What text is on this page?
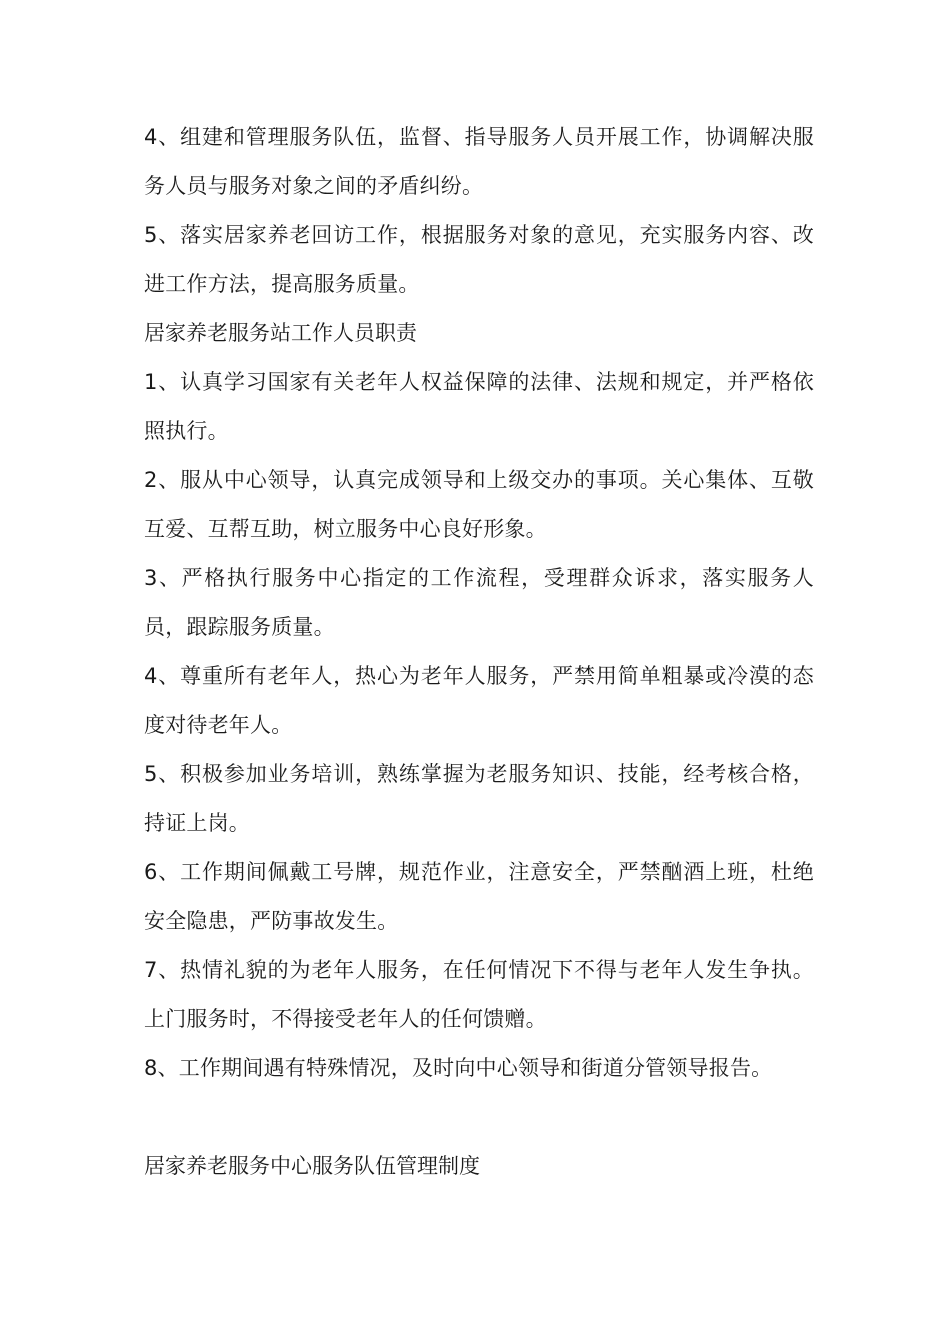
4、组建和管理服务队伍，监督、指导服务人员开展工作，协调解决服务人员与服务对象之间的矛盾纠纷。

5、落实居家养老回访工作，根据服务对象的意见，充实服务内容、改进工作方法，提高服务质量。

居家养老服务站工作人员职责

1、认真学习国家有关老年人权益保障的法律、法规和规定，并严格依照执行。

2、服从中心领导，认真完成领导和上级交办的事项。关心集体、互敬互爱、互帮互助，树立服务中心良好形象。

3、严格执行服务中心指定的工作流程，受理群众诉求，落实服务人员，跟踪服务质量。

4、尊重所有老年人，热心为老年人服务，严禁用简单粗暴或冷漠的态度对待老年人。

5、积极参加业务培训，熟练掌握为老服务知识、技能，经考核合格，持证上岗。

6、工作期间佩戴工号牌，规范作业，注意安全，严禁酗酒上班，杜绝安全隐患，严防事故发生。

7、热情礼貌的为老年人服务，在任何情况下不得与老年人发生争执。上门服务时，不得接受老年人的任何馈赠。

8、工作期间遇有特殊情况，及时向中心领导和街道分管领导报告。

居家养老服务中心服务队伍管理制度
